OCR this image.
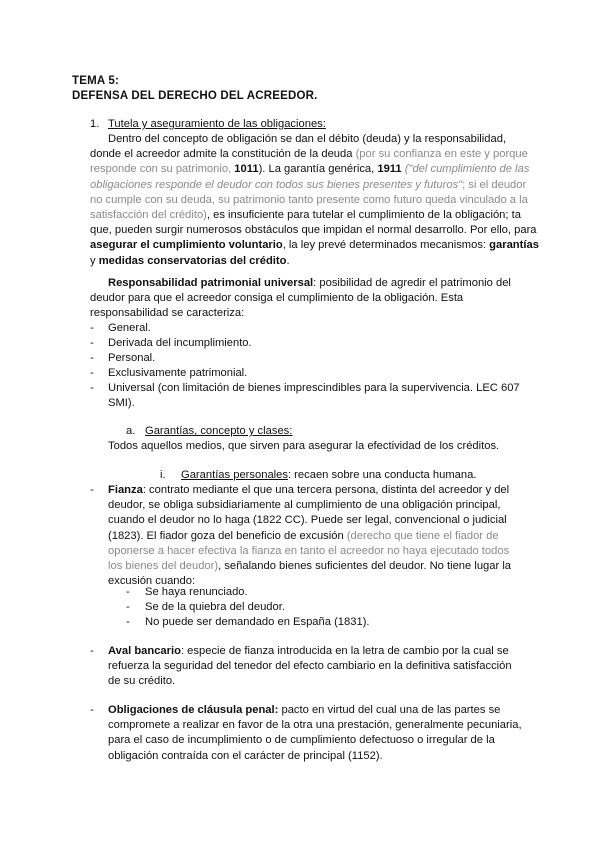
TEMA 5:
DEFENSA DEL DERECHO DEL ACREEDOR.
1. Tutela y aseguramiento de las obligaciones:
Dentro del concepto de obligación se dan el débito (deuda) y la responsabilidad, donde el acreedor admite la constitución de la deuda (por su confianza en este y porque responde con su patrimonio, 1011). La garantía genérica, 1911 ("del cumplimiento de las obligaciones responde el deudor con todos sus bienes presentes y futuros"; si el deudor no cumple con su deuda, su patrimonio tanto presente como futuro queda vinculado a la satisfacción del crédito), es insuficiente para tutelar el cumplimiento de la obligación; ta que, pueden surgir numerosos obstáculos que impidan el normal desarrollo. Por ello, para asegurar el cumplimiento voluntario, la ley prevé determinados mecanismos: garantías y medidas conservatorias del crédito.
Responsabilidad patrimonial universal: posibilidad de agredir el patrimonio del deudor para que el acreedor consiga el cumplimiento de la obligación. Esta responsabilidad se caracteriza:
-	General.
-	Derivada del incumplimiento.
-	Personal.
-	Exclusivamente patrimonial.
-	Universal (con limitación de bienes imprescindibles para la supervivencia. LEC 607 SMI).
a. Garantías, concepto y clases:
Todos aquellos medios, que sirven para asegurar la efectividad de los créditos.
i. Garantías personales: recaen sobre una conducta humana.
-	Fianza: contrato mediante el que una tercera persona, distinta del acreedor y del deudor, se obliga subsidiariamente al cumplimiento de una obligación principal, cuando el deudor no lo haga (1822 CC). Puede ser legal, convencional o judicial (1823). El fiador goza del beneficio de excusión (derecho que tiene el fiador de oponerse a hacer efectiva la fianza en tanto el acreedor no haya ejecutado todos los bienes del deudor), señalando bienes suficientes del deudor. No tiene lugar la excusión cuando:
-	Se haya renunciado.
-	Se de la quiebra del deudor.
-	No puede ser demandado en España (1831).
-	Aval bancario: especie de fianza introducida en la letra de cambio por la cual se refuerza la seguridad del tenedor del efecto cambiario en la definitiva satisfacción de su crédito.
-	Obligaciones de cláusula penal: pacto en virtud del cual una de las partes se compromete a realizar en favor de la otra una prestación, generalmente pecuniaria, para el caso de incumplimiento o de cumplimiento defectuoso o irregular de la obligación contraída con el carácter de principal (1152).
